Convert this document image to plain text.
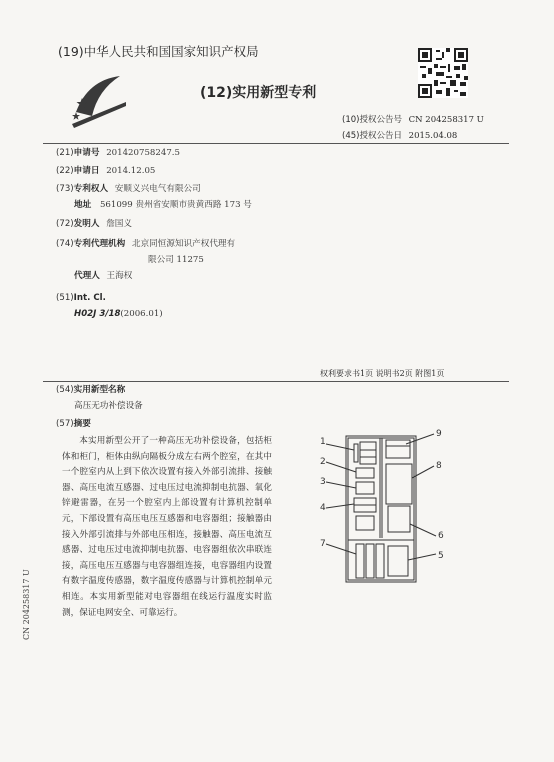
(19)中华人民共和国国家知识产权局
(12)实用新型专利
(10)授权公告号 CN 204258317 U
(45)授权公告日 2015.04.08
(21)申请号 201420758247.5
(22)申请日 2014.12.05
(73)专利权人 安顺义兴电气有限公司
地址 561099 贵州省安顺市贵黄西路 173 号
(72)发明人 詹国义
(74)专利代理机构 北京同恒源知识产权代理有
限公司 11275
代理人 王海权
(51)Int. Cl.
H02J 3/18(2006.01)
权利要求书1页 说明书2页 附图1页
(54)实用新型名称
高压无功补偿设备
(57)摘要

本实用新型公开了一种高压无功补偿设备，包括柜体和柜门，柜体由纵向隔板分成左右两个腔室，在其中一个腔室内从上到下依次设置有接入外部引流排、接触器、高压电流互感器、过电压过电流抑制电抗器、氧化锌避雷器，在另一个腔室内上部设置有计算机控制单元，下部设置有高压电压互感器和电容器组；接触器由接入外部引流排与外部电压相连，接触器、高压电流互感器、过电压过电流抑制电抗器、电容器组依次串联连接，高压电压互感器与电容器组连接，电容器组内设置有数字温度传感器，数字温度传感器与计算机控制单元相连。本实用新型能对电容器组在线运行温度实时监测，保证电网安全、可靠运行。

1
2
3
4
5
6
7
8
9
CN 204258317 U
